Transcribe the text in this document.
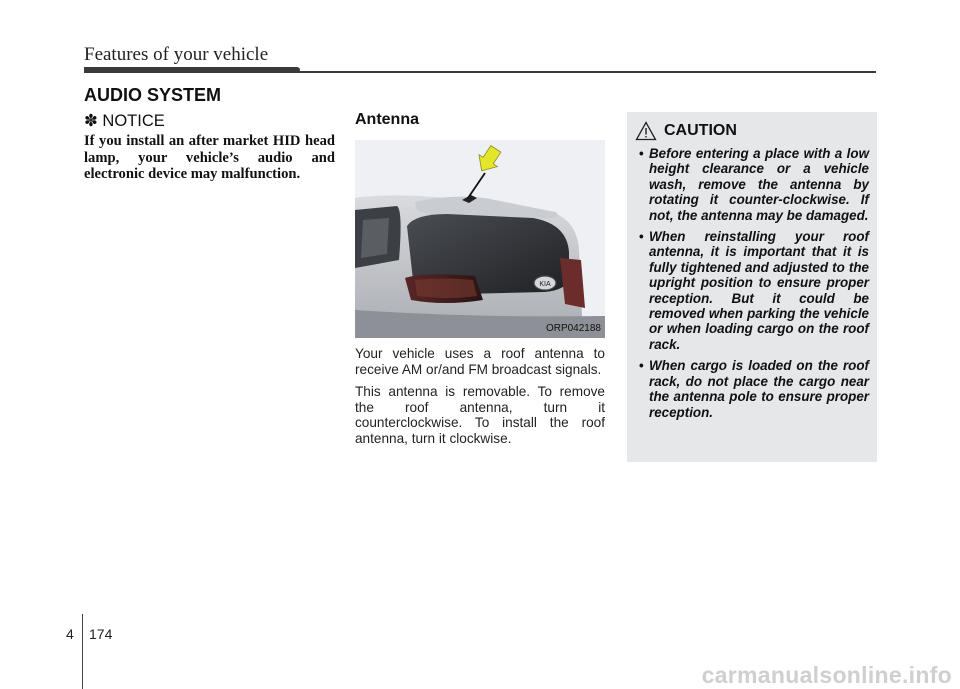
Features of your vehicle
AUDIO SYSTEM
✽ NOTICE
If you install an after market HID head lamp, your vehicle’s audio and electronic device may malfunction.
Antenna
KIA
ORP042188

Your vehicle uses a roof antenna to receive AM or/and FM broadcast signals.

This antenna is removable. To remove the roof antenna, turn it counterclockwise. To install the roof antenna, turn it clockwise.

CAUTION
• Before entering a place with a low height clearance or a vehicle wash, remove the antenna by rotating it counter-clockwise. If not, the antenna may be damaged.
• When reinstalling your roof antenna, it is important that it is fully tightened and adjusted to the upright position to ensure proper reception. But it could be removed when parking the vehicle or when loading cargo on the roof rack.
• When cargo is loaded on the roof rack, do not place the cargo near the antenna pole to ensure proper reception.
4 174
carmanualsonline.info
